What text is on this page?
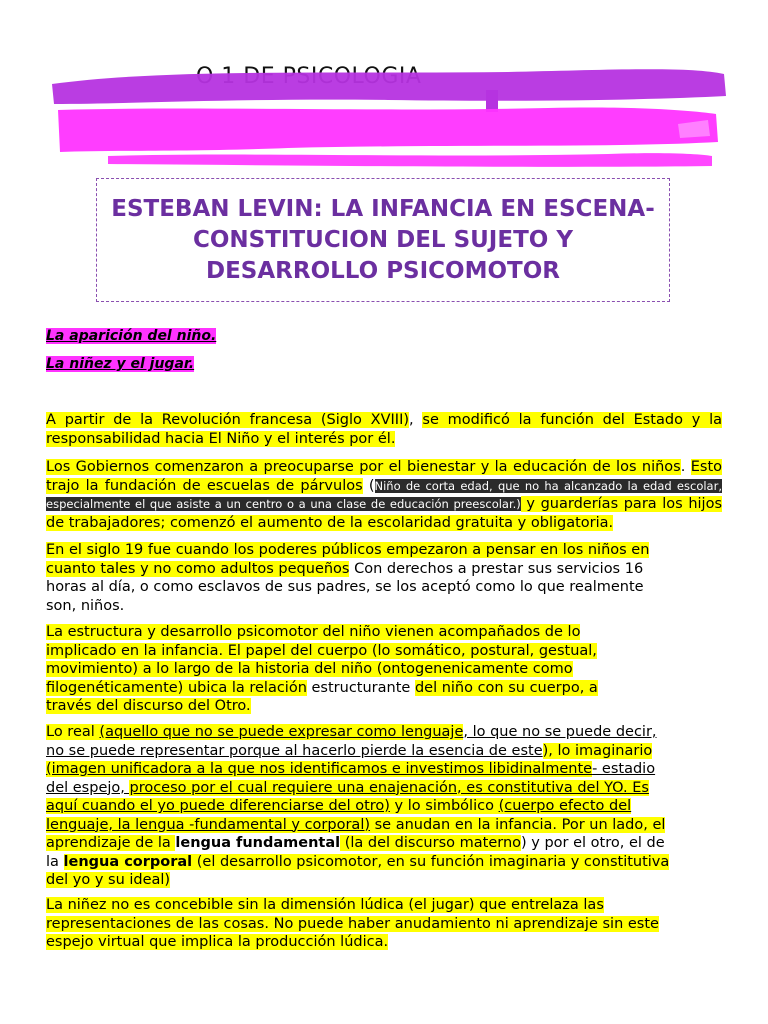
ESTEBAN LEVIN: LA INFANCIA EN ESCENA- CONSTITUCION DEL SUJETO Y DESARROLLO PSICOMOTOR
La aparición del niño.
La niñez y el jugar.

A partir de la Revolución francesa (Siglo XVIII), se modificó la función del Estado y la responsabilidad hacia El Niño y el interés por él.

Los Gobiernos comenzaron a preocuparse por el bienestar y la educación de los niños. Esto trajo la fundación de escuelas de párvulos (Niño de corta edad, que no ha alcanzado la edad escolar, especialmente el que asiste a un centro o a una clase de educación preescolar.) y guarderías para los hijos de trabajadores; comenzó el aumento de la escolaridad gratuita y obligatoria.

En el siglo 19 fue cuando los poderes públicos empezaron a pensar en los niños en cuanto tales y no como adultos pequeños Con derechos a prestar sus servicios 16 horas al día, o como esclavos de sus padres, se los aceptó como lo que realmente son, niños.

La estructura y desarrollo psicomotor del niño vienen acompañados de lo implicado en la infancia. El papel del cuerpo (lo somático, postural, gestual, movimiento) a lo largo de la historia del niño (ontogenenicamente como filogenéticamente) ubica la relación estructurante del niño con su cuerpo, a través del discurso del Otro.

Lo real (aquello que no se puede expresar como lenguaje, lo que no se puede decir, no se puede representar porque al hacerlo pierde la esencia de este), lo imaginario (imagen unificadora a la que nos identificamos e investimos libidinalmente- estadio del espejo, proceso por el cual requiere una enajenación, es constitutiva del YO. Es aquí cuando el yo puede diferenciarse del otro) y lo simbólico (cuerpo efecto del lenguaje, la lengua -fundamental y corporal) se anudan en la infancia. Por un lado, el aprendizaje de la lengua fundamental (la del discurso materno) y por el otro, el de la lengua corporal (el desarrollo psicomotor, en su función imaginaria y constitutiva del yo y su ideal)

La niñez no es concebible sin la dimensión lúdica (el jugar) que entrelaza las representaciones de las cosas. No puede haber anudamiento ni aprendizaje sin este espejo virtual que implica la producción lúdica.
